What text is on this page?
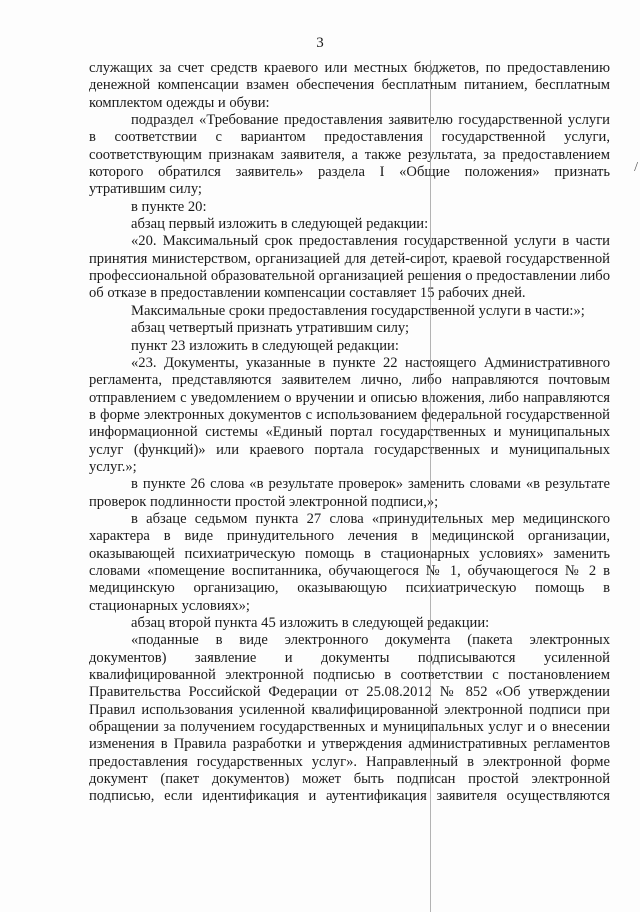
3

служащих за счет средств краевого или местных бюджетов, по предоставлению денежной компенсации взамен обеспечения бесплатным питанием, бесплатным комплектом одежды и обуви:

подраздел «Требование предоставления заявителю государственной услуги в соответствии с вариантом предоставления государственной услуги, соответствующим признакам заявителя, а также результата, за предоставлением которого обратился заявитель» раздела I «Общие положения» признать утратившим силу;

в пункте 20:

абзац первый изложить в следующей редакции:

«20. Максимальный срок предоставления государственной услуги в части принятия министерством, организацией для детей-сирот, краевой государственной профессиональной образовательной организацией решения о предоставлении либо об отказе в предоставлении компенсации составляет 15 рабочих дней.

Максимальные сроки предоставления государственной услуги в части:»;

абзац четвертый признать утратившим силу;

пункт 23 изложить в следующей редакции:

«23. Документы, указанные в пункте 22 настоящего Административного регламента, представляются заявителем лично, либо направляются почтовым отправлением с уведомлением о вручении и описью вложения, либо направляются в форме электронных документов с использованием федеральной государственной информационной системы «Единый портал государственных и муниципальных услуг (функций)» или краевого портала государственных и муниципальных услуг.»;

в пункте 26 слова «в результате проверок» заменить словами «в результате проверок подлинности простой электронной подписи,»;

в абзаце седьмом пункта 27 слова «принудительных мер медицинского характера в виде принудительного лечения в медицинской организации, оказывающей психиатрическую помощь в стационарных условиях» заменить словами «помещение воспитанника, обучающегося № 1, обучающегося № 2 в медицинскую организацию, оказывающую психиатрическую помощь в стационарных условиях»;

абзац второй пункта 45 изложить в следующей редакции:

«поданные в виде электронного документа (пакета электронных документов) заявление и документы подписываются усиленной квалифицированной электронной подписью в соответствии с постановлением Правительства Российской Федерации от 25.08.2012 № 852 «Об утверждении Правил использования усиленной квалифицированной электронной подписи при обращении за получением государственных и муниципальных услуг и о внесении изменения в Правила разработки и утверждения административных регламентов предоставления государственных услуг». Направленный в электронной форме документ (пакет документов) может быть подписан простой электронной подписью, если идентификация и аутентификация заявителя осуществляются

/
